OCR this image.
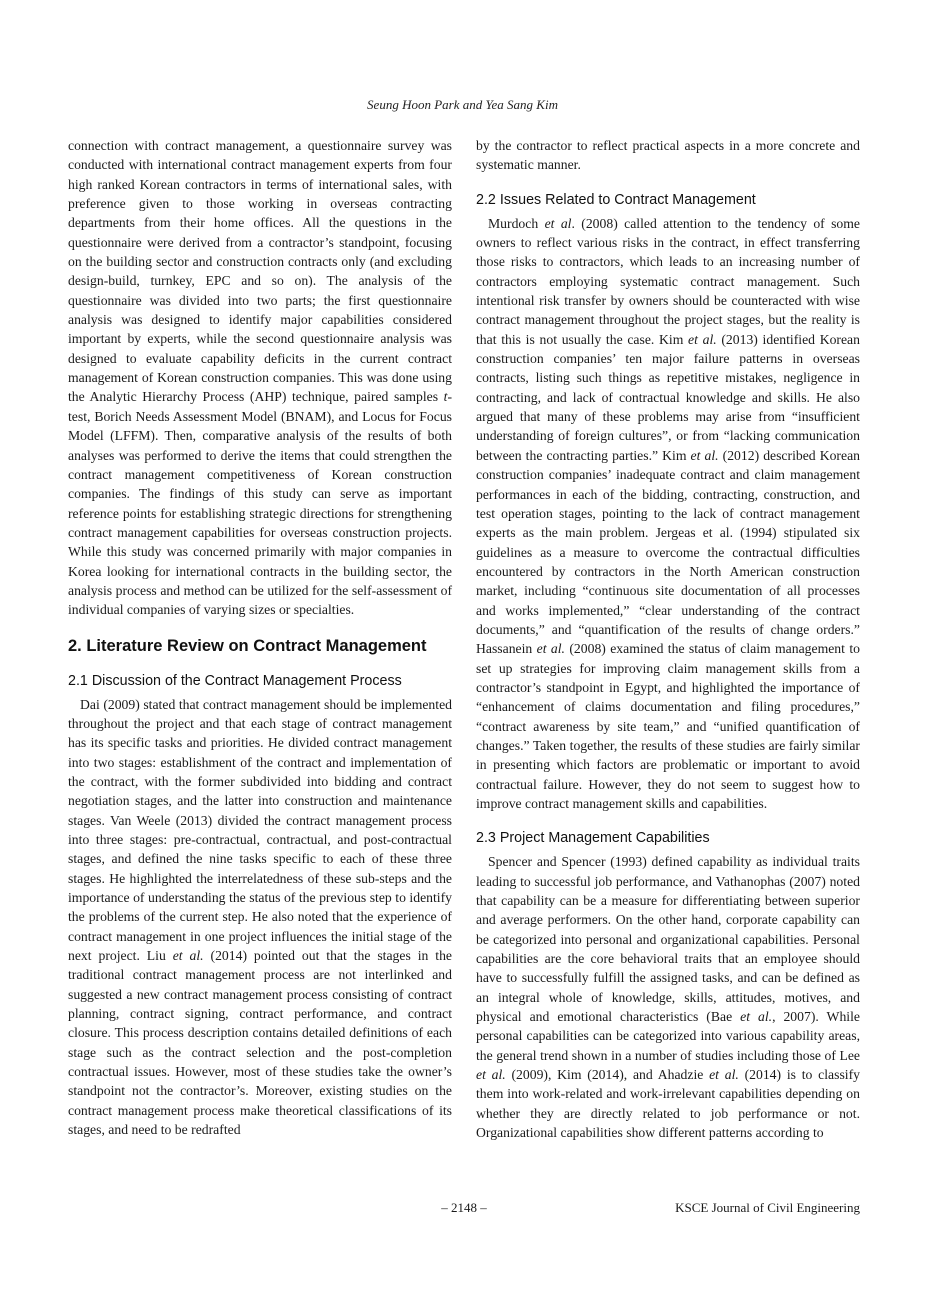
Seung Hoon Park and Yea Sang Kim

connection with contract management, a questionnaire survey was conducted with international contract management experts from four high ranked Korean contractors in terms of international sales, with preference given to those working in overseas contracting departments from their home offices. All the questions in the questionnaire were derived from a contractor’s standpoint, focusing on the building sector and construction contracts only (and excluding design-build, turnkey, EPC and so on). The analysis of the questionnaire was divided into two parts; the first questionnaire analysis was designed to identify major capabilities considered important by experts, while the second questionnaire analysis was designed to evaluate capability deficits in the current contract management of Korean construction companies. This was done using the Analytic Hierarchy Process (AHP) technique, paired samples t-test, Borich Needs Assessment Model (BNAM), and Locus for Focus Model (LFFM). Then, comparative analysis of the results of both analyses was performed to derive the items that could strengthen the contract management competitiveness of Korean construction companies. The findings of this study can serve as important reference points for establishing strategic directions for strengthening contract management capabilities for overseas construction projects. While this study was concerned primarily with major companies in Korea looking for international contracts in the building sector, the analysis process and method can be utilized for the self-assessment of individual companies of varying sizes or specialties.

2. Literature Review on Contract Management
2.1 Discussion of the Contract Management Process

Dai (2009) stated that contract management should be implemented throughout the project and that each stage of contract management has its specific tasks and priorities. He divided contract management into two stages: establishment of the contract and implementation of the contract, with the former subdivided into bidding and contract negotiation stages, and the latter into construction and maintenance stages. Van Weele (2013) divided the contract management process into three stages: pre-contractual, contractual, and post-contractual stages, and defined the nine tasks specific to each of these three stages. He highlighted the interrelatedness of these sub-steps and the importance of understanding the status of the previous step to identify the problems of the current step. He also noted that the experience of contract management in one project influences the initial stage of the next project. Liu et al. (2014) pointed out that the stages in the traditional contract management process are not interlinked and suggested a new contract management process consisting of contract planning, contract signing, contract performance, and contract closure. This process description contains detailed definitions of each stage such as the contract selection and the post-completion contractual issues. However, most of these studies take the owner’s standpoint not the contractor’s. Moreover, existing studies on the contract management process make theoretical classifications of its stages, and need to be redrafted

by the contractor to reflect practical aspects in a more concrete and systematic manner.

2.2 Issues Related to Contract Management

Murdoch et al. (2008) called attention to the tendency of some owners to reflect various risks in the contract, in effect transferring those risks to contractors, which leads to an increasing number of contractors employing systematic contract management. Such intentional risk transfer by owners should be counteracted with wise contract management throughout the project stages, but the reality is that this is not usually the case. Kim et al. (2013) identified Korean construction companies’ ten major failure patterns in overseas contracts, listing such things as repetitive mistakes, negligence in contracting, and lack of contractual knowledge and skills. He also argued that many of these problems may arise from “insufficient understanding of foreign cultures”, or from “lacking communication between the contracting parties.” Kim et al. (2012) described Korean construction companies’ inadequate contract and claim management performances in each of the bidding, contracting, construction, and test operation stages, pointing to the lack of contract management experts as the main problem. Jergeas et al. (1994) stipulated six guidelines as a measure to overcome the contractual difficulties encountered by contractors in the North American construction market, including “continuous site documentation of all processes and works implemented,” “clear understanding of the contract documents,” and “quantification of the results of change orders.” Hassanein et al. (2008) examined the status of claim management to set up strategies for improving claim management skills from a contractor’s standpoint in Egypt, and highlighted the importance of “enhancement of claims documentation and filing procedures,” “contract awareness by site team,” and “unified quantification of changes.” Taken together, the results of these studies are fairly similar in presenting which factors are problematic or important to avoid contractual failure. However, they do not seem to suggest how to improve contract management skills and capabilities.

2.3 Project Management Capabilities

Spencer and Spencer (1993) defined capability as individual traits leading to successful job performance, and Vathanophas (2007) noted that capability can be a measure for differentiating between superior and average performers. On the other hand, corporate capability can be categorized into personal and organizational capabilities. Personal capabilities are the core behavioral traits that an employee should have to successfully fulfill the assigned tasks, and can be defined as an integral whole of knowledge, skills, attitudes, motives, and physical and emotional characteristics (Bae et al., 2007). While personal capabilities can be categorized into various capability areas, the general trend shown in a number of studies including those of Lee et al. (2009), Kim (2014), and Ahadzie et al. (2014) is to classify them into work-related and work-irrelevant capabilities depending on whether they are directly related to job performance or not. Organizational capabilities show different patterns according to

– 2148 –	KSCE Journal of Civil Engineering
